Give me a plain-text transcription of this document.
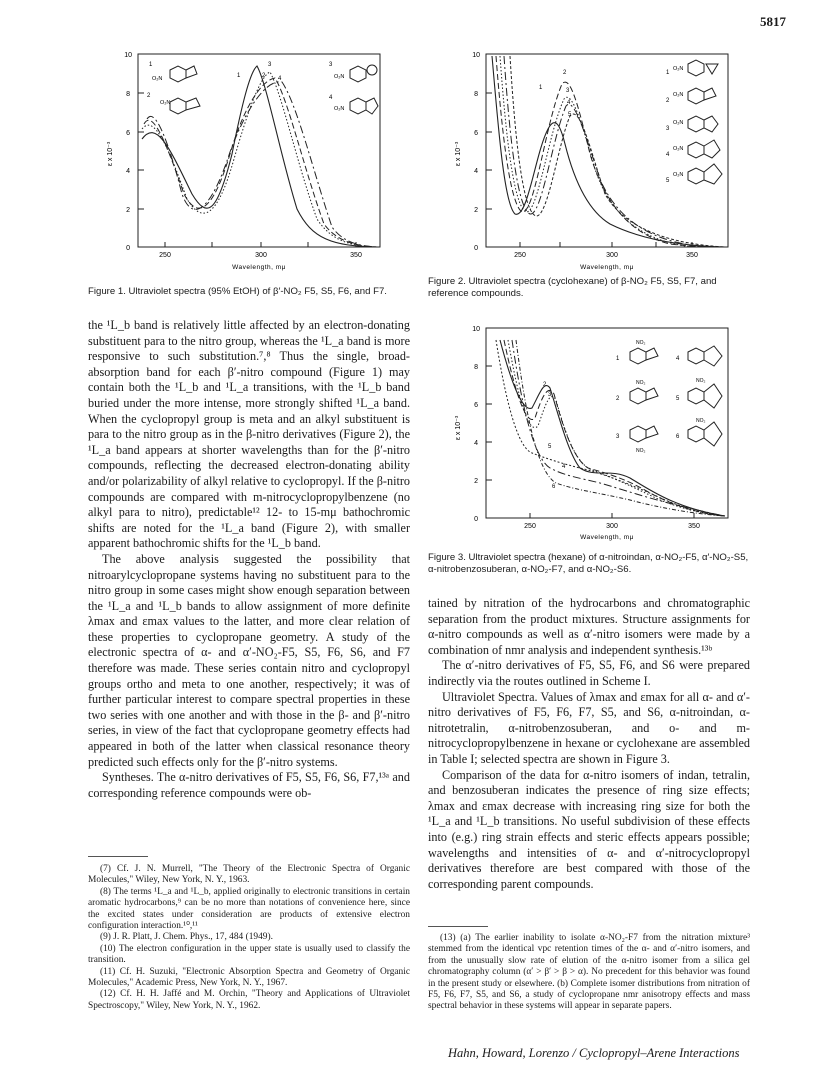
5817
0
2
4
6
8
10
250	300	350
Wavelength, mμ
ε x 10⁻³
1
2
3
4
1
3
2 4
O₂N
O₂N
O₂N
O₂N
Figure 1. Ultraviolet spectra (95% EtOH) of β′-NO₂ F5, S5, F6, and F7.
0
2
4
6
8
10
250	300	350
Wavelength, mμ
ε x 10⁻³
1
2
3
4
5
1
2
3
4
5
O₂N
O₂N
O₂N
O₂N
O₂N
Figure 2. Ultraviolet spectra (cyclohexane) of β-NO₂ F5, S5, F7, and reference compounds.

the ¹L_b band is relatively little affected by an electron-donating substituent para to the nitro group, whereas the ¹L_a band is more responsive to such substitution.⁷,⁸ Thus the single, broad-absorption band for each β′-nitro compound (Figure 1) may contain both the ¹L_b and ¹L_a transitions, with the ¹L_b band buried under the more intense, more strongly shifted ¹L_a band. When the cyclopropyl group is meta and an alkyl substituent is para to the nitro group as in the β-nitro derivatives (Figure 2), the ¹L_a band appears at shorter wavelengths than for the β′-nitro compounds, reflecting the decreased electron-donating ability and/or polarizability of alkyl relative to cyclopropyl. If the β-nitro compounds are compared with m-nitrocyclopropylbenzene (no alkyl para to nitro), predictable¹² 12- to 15-mμ bathochromic shifts are noted for the ¹L_a band (Figure 2), with smaller apparent bathochromic shifts for the ¹L_b band.

The above analysis suggested the possibility that nitroarylcyclopropane systems having no substituent para to the nitro group in some cases might show enough separation between the ¹L_a and ¹L_b bands to allow assignment of more definite λmax and εmax values to the latter, and more clear relation of these properties to cyclopropane geometry. A study of the electronic spectra of α- and α′-NO₂-F5, S5, F6, S6, and F7 therefore was made. These series contain nitro and cyclopropyl groups ortho and meta to one another, respectively; it was of further particular interest to compare spectral properties in these two series with one another and with those in the β- and β′-nitro series, in view of the fact that cyclopropane geometry effects had appeared in both of the latter when classical resonance theory predicted such effects only for the β′-nitro systems.

Syntheses. The α-nitro derivatives of F5, S5, F6, S6, F7,¹³ᵃ and corresponding reference compounds were ob-

(7) Cf. J. N. Murrell, "The Theory of the Electronic Spectra of Organic Molecules," Wiley, New York, N. Y., 1963.

(8) The terms ¹L_a and ¹L_b, applied originally to electronic transitions in certain aromatic hydrocarbons,⁹ can be no more than notations of convenience here, since the excited states under consideration are products of extensive electron configuration interaction.¹⁰,¹¹

(9) J. R. Platt, J. Chem. Phys., 17, 484 (1949).

(10) The electron configuration in the upper state is usually used to classify the transition.

(11) Cf. H. Suzuki, "Electronic Absorption Spectra and Geometry of Organic Molecules," Academic Press, New York, N. Y., 1967.

(12) Cf. H. H. Jaffé and M. Orchin, "Theory and Applications of Ultraviolet Spectroscopy," Wiley, New York, N. Y., 1962.

0
2
4
6
8
10
250	300	350
Wavelength, mμ
ε x 10⁻³
2
3
5
4
6
1
2
3
4
5
6
NO₂
NO₂
NO₂
NO₂
NO₂
Figure 3. Ultraviolet spectra (hexane) of α-nitroindan, α-NO₂-F5, α′-NO₂-S5, α-nitrobenzosuberan, α-NO₂-F7, and α-NO₂-S6.

tained by nitration of the hydrocarbons and chromatographic separation from the product mixtures. Structure assignments for α-nitro compounds as well as α′-nitro isomers were made by a combination of nmr analysis and independent synthesis.¹³ᵇ

The α′-nitro derivatives of F5, S5, F6, and S6 were prepared indirectly via the routes outlined in Scheme I.

Ultraviolet Spectra. Values of λmax and εmax for all α- and α′-nitro derivatives of F5, F6, F7, S5, and S6, α-nitroindan, α-nitrotetralin, α-nitrobenzosuberan, and o- and m-nitrocyclopropylbenzene in hexane or cyclohexane are assembled in Table I; selected spectra are shown in Figure 3.

Comparison of the data for α-nitro isomers of indan, tetralin, and benzosuberan indicates the presence of ring size effects; λmax and εmax decrease with increasing ring size for both the ¹L_a and ¹L_b transitions. No useful subdivision of these effects into (e.g.) ring strain effects and steric effects appears possible; wavelengths and intensities of α- and α′-nitrocyclopropyl derivatives therefore are best compared with those of the corresponding parent compounds.

(13) (a) The earlier inability to isolate α-NO₂-F7 from the nitration mixture³ stemmed from the identical vpc retention times of the α- and α′-nitro isomers, and from the unusually slow rate of elution of the α-nitro isomer from a silica gel chromatography column (α′ > β′ > β > α). No precedent for this behavior was found in the present study or elsewhere. (b) Complete isomer distributions from nitration of F5, F6, F7, S5, and S6, a study of cyclopropane nmr anisotropy effects and mass spectral behavior in these systems will appear in separate papers.

Hahn, Howard, Lorenzo / Cyclopropyl–Arene Interactions
